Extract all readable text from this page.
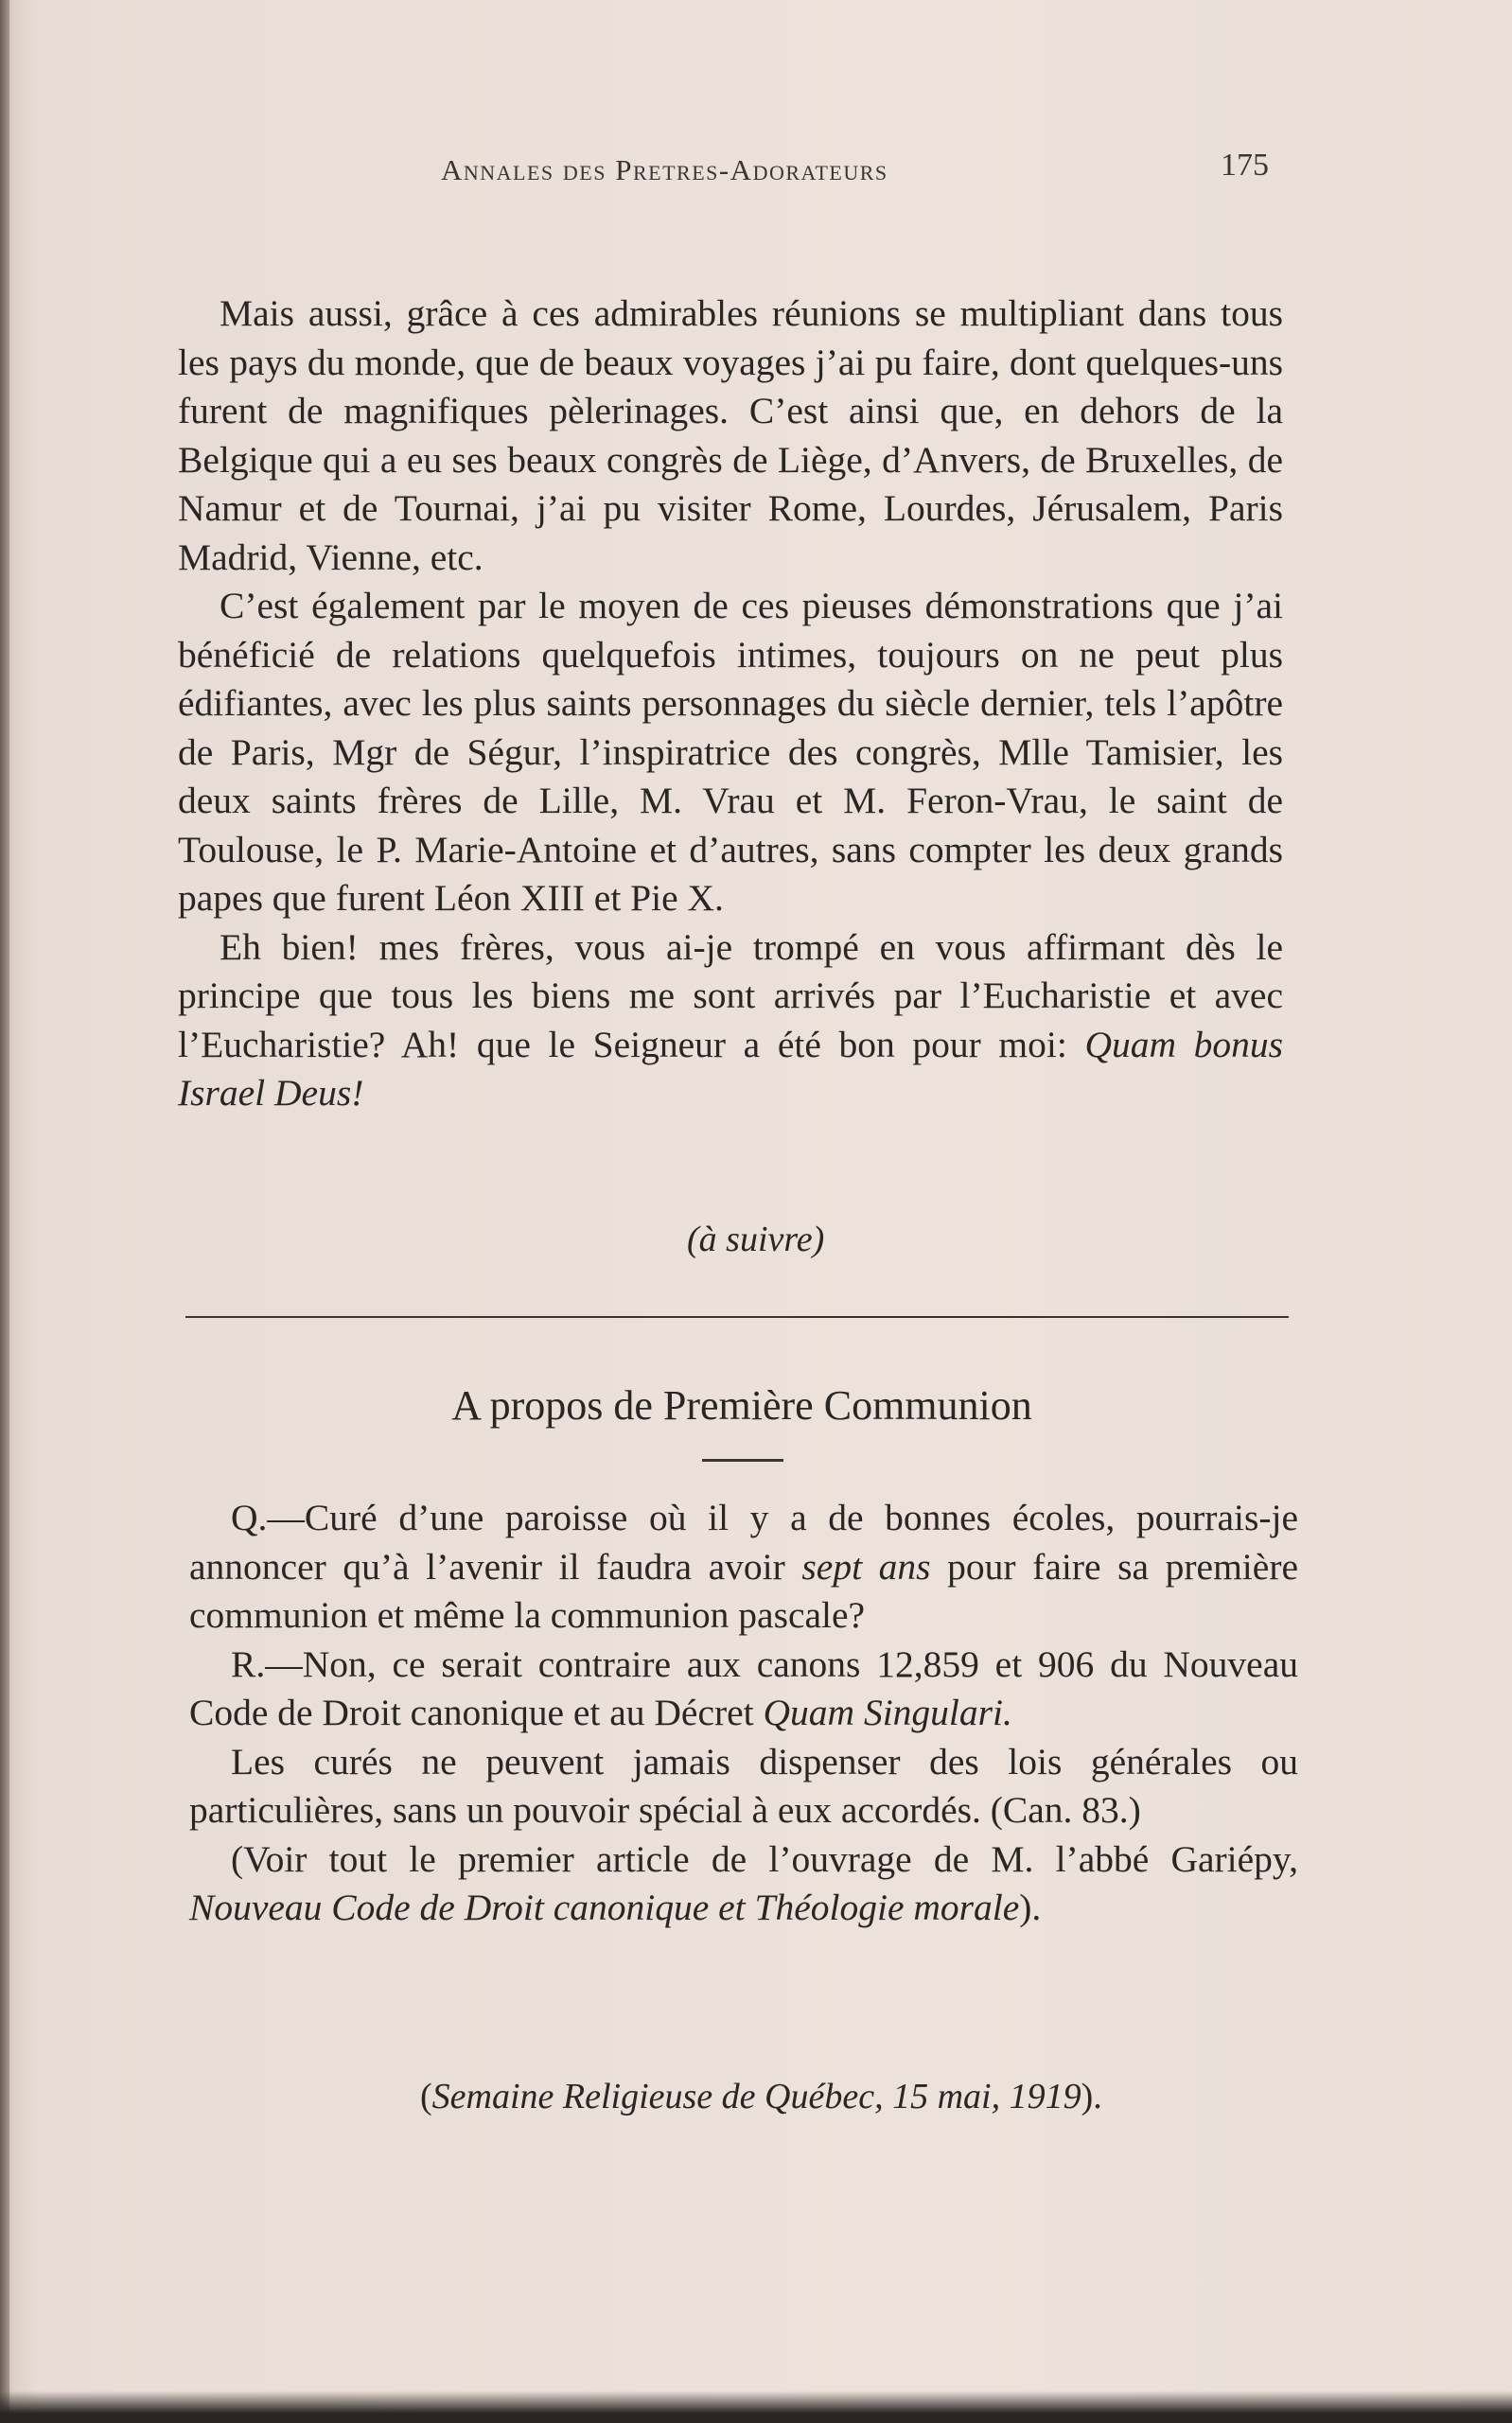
Annales des Pretres-Adorateurs	175

Mais aussi, grâce à ces admirables réunions se multipliant dans tous les pays du monde, que de beaux voyages j’ai pu faire, dont quelques-uns furent de magnifiques pèlerinages. C’est ainsi que, en dehors de la Belgique qui a eu ses beaux congrès de Liège, d’Anvers, de Bruxelles, de Namur et de Tournai, j’ai pu visiter Rome, Lourdes, Jérusalem, Paris Madrid, Vienne, etc.

C’est également par le moyen de ces pieuses démonstrations que j’ai bénéficié de relations quelquefois intimes, toujours on ne peut plus édifiantes, avec les plus saints personnages du siècle dernier, tels l’apôtre de Paris, Mgr de Ségur, l’inspiratrice des congrès, Mlle Tamisier, les deux saints frères de Lille, M. Vrau et M. Feron-Vrau, le saint de Toulouse, le P. Marie-Antoine et d’autres, sans compter les deux grands papes que furent Léon XIII et Pie X.

Eh bien! mes frères, vous ai-je trompé en vous affirmant dès le principe que tous les biens me sont arrivés par l’Eucharistie et avec l’Eucharistie? Ah! que le Seigneur a été bon pour moi: Quam bonus Israel Deus!

(à suivre)
A propos de Première Communion

Q.—Curé d’une paroisse où il y a de bonnes écoles, pourrais-je annoncer qu’à l’avenir il faudra avoir sept ans pour faire sa première communion et même la communion pascale?

R.—Non, ce serait contraire aux canons 12,859 et 906 du Nouveau Code de Droit canonique et au Décret Quam Singulari.

Les curés ne peuvent jamais dispenser des lois générales ou particulières, sans un pouvoir spécial à eux accordés. (Can. 83.)

(Voir tout le premier article de l’ouvrage de M. l’abbé Gariépy, Nouveau Code de Droit canonique et Théologie morale).

(Semaine Religieuse de Québec, 15 mai, 1919).
